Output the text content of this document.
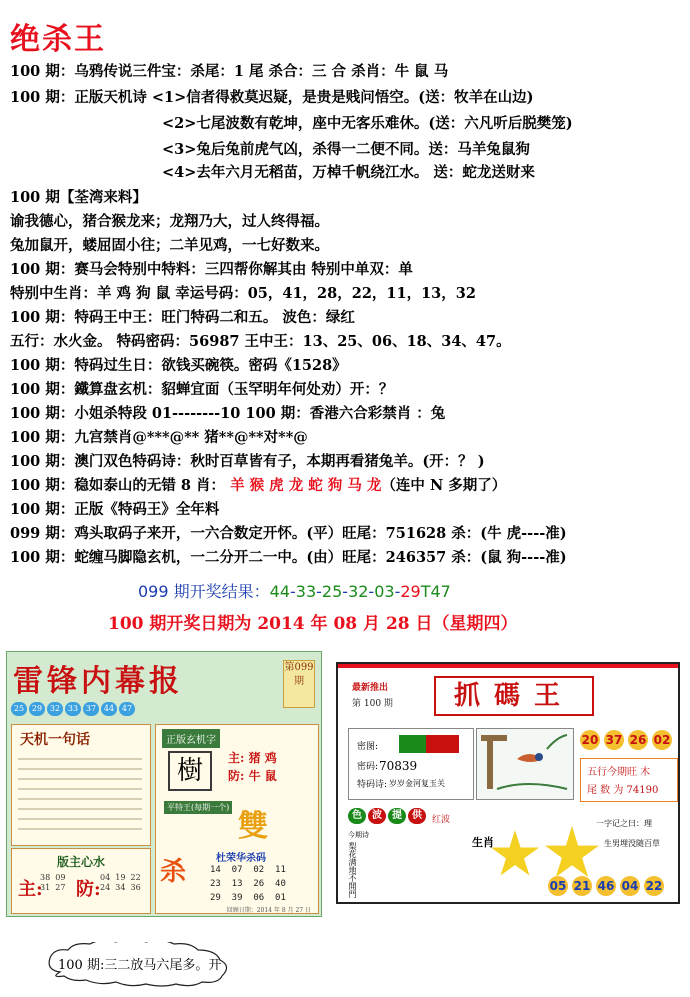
绝杀王
100 期：乌鸦传说三件宝：杀尾：1 尾 杀合：三 合 杀肖：牛 鼠 马
100 期：正版天机诗 <1>信者得救莫迟疑，是贵是贱问悟空。(送：牧羊在山边)
<2>七尾波数有乾坤，座中无客乐难休。(送：六凡听后脱樊笼)
<3>兔后兔前虎气凶，杀得一二便不同。送：马羊兔鼠狗
<4>去年六月无稻苗，万棹千帆绕江水。 送：蛇龙送财来
100 期【荃湾来料】
谕我德心，猪合猴龙来；龙翔乃大，过人终得福。
兔加鼠开，蝼屈固小往；二羊见鸡，一七好数来。
100 期：赛马会特别中特料：三四帮你解其由 特别中单双：单
特别中生肖：羊 鸡 狗 鼠 幸运号码：05，41，28，22，11，13，32
100 期：特码王中王：旺门特码二和五。 波色：绿红
五行：水火金。 特码密码：56987 王中王：13、25、06、18、34、47。
100 期：特码过生日：欲钱买碗筷。密码《1528》
100 期：鐵算盘玄机：貂蝉宜面（玉罕明年何处劝）开：？
100 期：小姐杀特段 01--------10 100 期：香港六合彩禁肖 ：兔
100 期：九宫禁肖@***@** 猪**@**对**@
100 期：澳门双色特码诗：秋时百草皆有子，本期再看猪兔羊。(开：？ )
100 期：稳如泰山的无错 8 肖： 羊 猴 虎 龙 蛇 狗 马 龙（连中 N 多期了）
100 期：正版《特码王》全年料
099 期：鸡头取码子来开，一六合数定开怀。(平）旺尾：751628 杀：(牛 虎----准)
100 期：蛇缠马脚隐玄机，一二分开二一中。(由）旺尾：246357 杀：(鼠 狗----准)
099 期开奖结果：44-33-25-32-03-29T47
100 期开奖日期为 2014 年 08 月 28 日（星期四）
雷锋内幕报	第099期
25 29 32 33 37 44 47
天机一句话
版主心水
主:
38  09
31  27 防:
04  19  22
24  34  36
正版玄机字
樹	主: 猪 鸡
防: 牛 鼠
平特王(每期一个)
雙
杀	杜荣华杀码
14  07  02  11
23  13  26  40
29  39  06  01
回顾日期：2014 年 8 月 27 日
最新推出
第 100 期	抓碼王
密图:
密码: 70839
特码诗: 岁岁金河复玉关
20 37 26 02
五行今期旺 木
尾 数 为 74190
色	波	提	供	红波
今期诗
梨花满地不開門	生肖
一字记之曰：理
生男埋没随百草
05 21 46 04 22
100 期:三二放马六尾多。开
